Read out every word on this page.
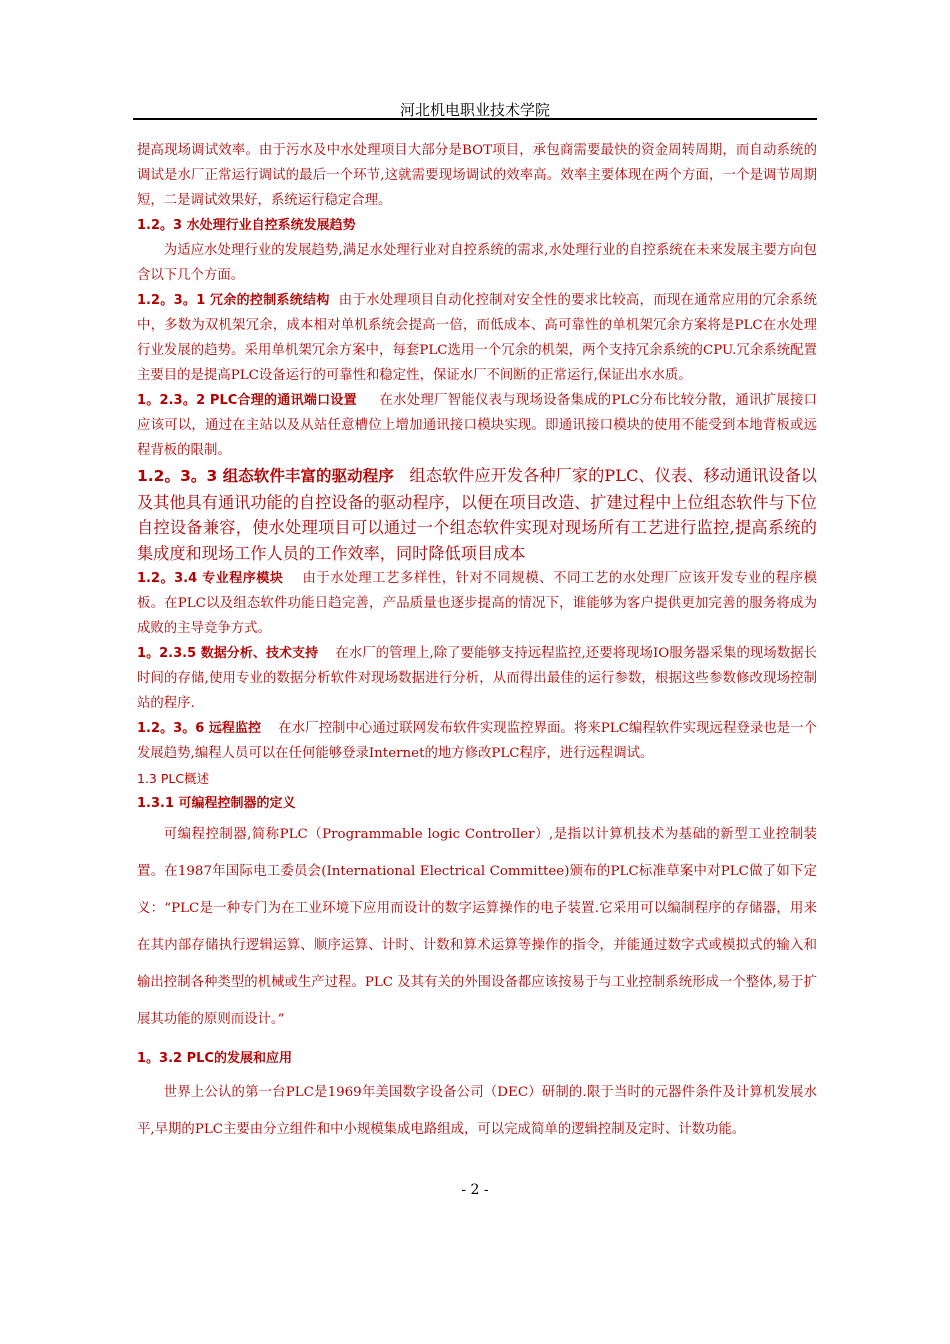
河北机电职业技术学院

提高现场调试效率。由于污水及中水处理项目大部分是BOT项目，承包商需要最快的资金周转周期，而自动系统的调试是水厂正常运行调试的最后一个环节,这就需要现场调试的效率高。效率主要体现在两个方面，一个是调节周期短，二是调试效果好，系统运行稳定合理。

1.2。3 水处理行业自控系统发展趋势

为适应水处理行业的发展趋势,满足水处理行业对自控系统的需求,水处理行业的自控系统在未来发展主要方向包含以下几个方面。

1.2。3。1 冗余的控制系统结构 由于水处理项目自动化控制对安全性的要求比较高，而现在通常应用的冗余系统中，多数为双机架冗余，成本相对单机系统会提高一倍，而低成本、高可靠性的单机架冗余方案将是PLC在水处理行业发展的趋势。采用单机架冗余方案中，每套PLC选用一个冗余的机架，两个支持冗余系统的CPU.冗余系统配置主要目的是提高PLC设备运行的可靠性和稳定性，保证水厂不间断的正常运行,保证出水水质。

1。2.3。2 PLC合理的通讯端口设置 在水处理厂智能仪表与现场设备集成的PLC分布比较分散，通讯扩展接口应该可以，通过在主站以及从站任意槽位上增加通讯接口模块实现。即通讯接口模块的使用不能受到本地背板或远程背板的限制。

1.2。3。3 组态软件丰富的驱动程序 组态软件应开发各种厂家的PLC、仪表、移动通讯设备以及其他具有通讯功能的自控设备的驱动程序，以便在项目改造、扩建过程中上位组态软件与下位自控设备兼容，使水处理项目可以通过一个组态软件实现对现场所有工艺进行监控,提高系统的集成度和现场工作人员的工作效率，同时降低项目成本

1.2。3.4 专业程序模块 由于水处理工艺多样性，针对不同规模、不同工艺的水处理厂应该开发专业的程序模板。在PLC以及组态软件功能日趋完善，产品质量也逐步提高的情况下，谁能够为客户提供更加完善的服务将成为成败的主导竞争方式。

1。2.3.5 数据分析、技术支持 在水厂的管理上,除了要能够支持远程监控,还要将现场IO服务器采集的现场数据长时间的存储,使用专业的数据分析软件对现场数据进行分析，从而得出最佳的运行参数，根据这些参数修改现场控制站的程序.

1.2。3。6 远程监控 在水厂控制中心通过联网发布软件实现监控界面。将来PLC编程软件实现远程登录也是一个发展趋势,编程人员可以在任何能够登录Internet的地方修改PLC程序，进行远程调试。

1.3 PLC概述

1.3.1 可编程控制器的定义

可编程控制器,简称PLC（Programmable logic Controller）,是指以计算机技术为基础的新型工业控制装置。在1987年国际电工委员会(International Electrical Committee)颁布的PLC标准草案中对PLC做了如下定义：“PLC是一种专门为在工业环境下应用而设计的数字运算操作的电子装置.它采用可以编制程序的存储器，用来在其内部存储执行逻辑运算、顺序运算、计时、计数和算术运算等操作的指令，并能通过数字式或模拟式的输入和输出控制各种类型的机械或生产过程。PLC 及其有关的外围设备都应该按易于与工业控制系统形成一个整体,易于扩展其功能的原则而设计。”

1。3.2 PLC的发展和应用

世界上公认的第一台PLC是1969年美国数字设备公司（DEC）研制的.限于当时的元器件条件及计算机发展水平,早期的PLC主要由分立组件和中小规模集成电路组成，可以完成简单的逻辑控制及定时、计数功能。

- 2 -
